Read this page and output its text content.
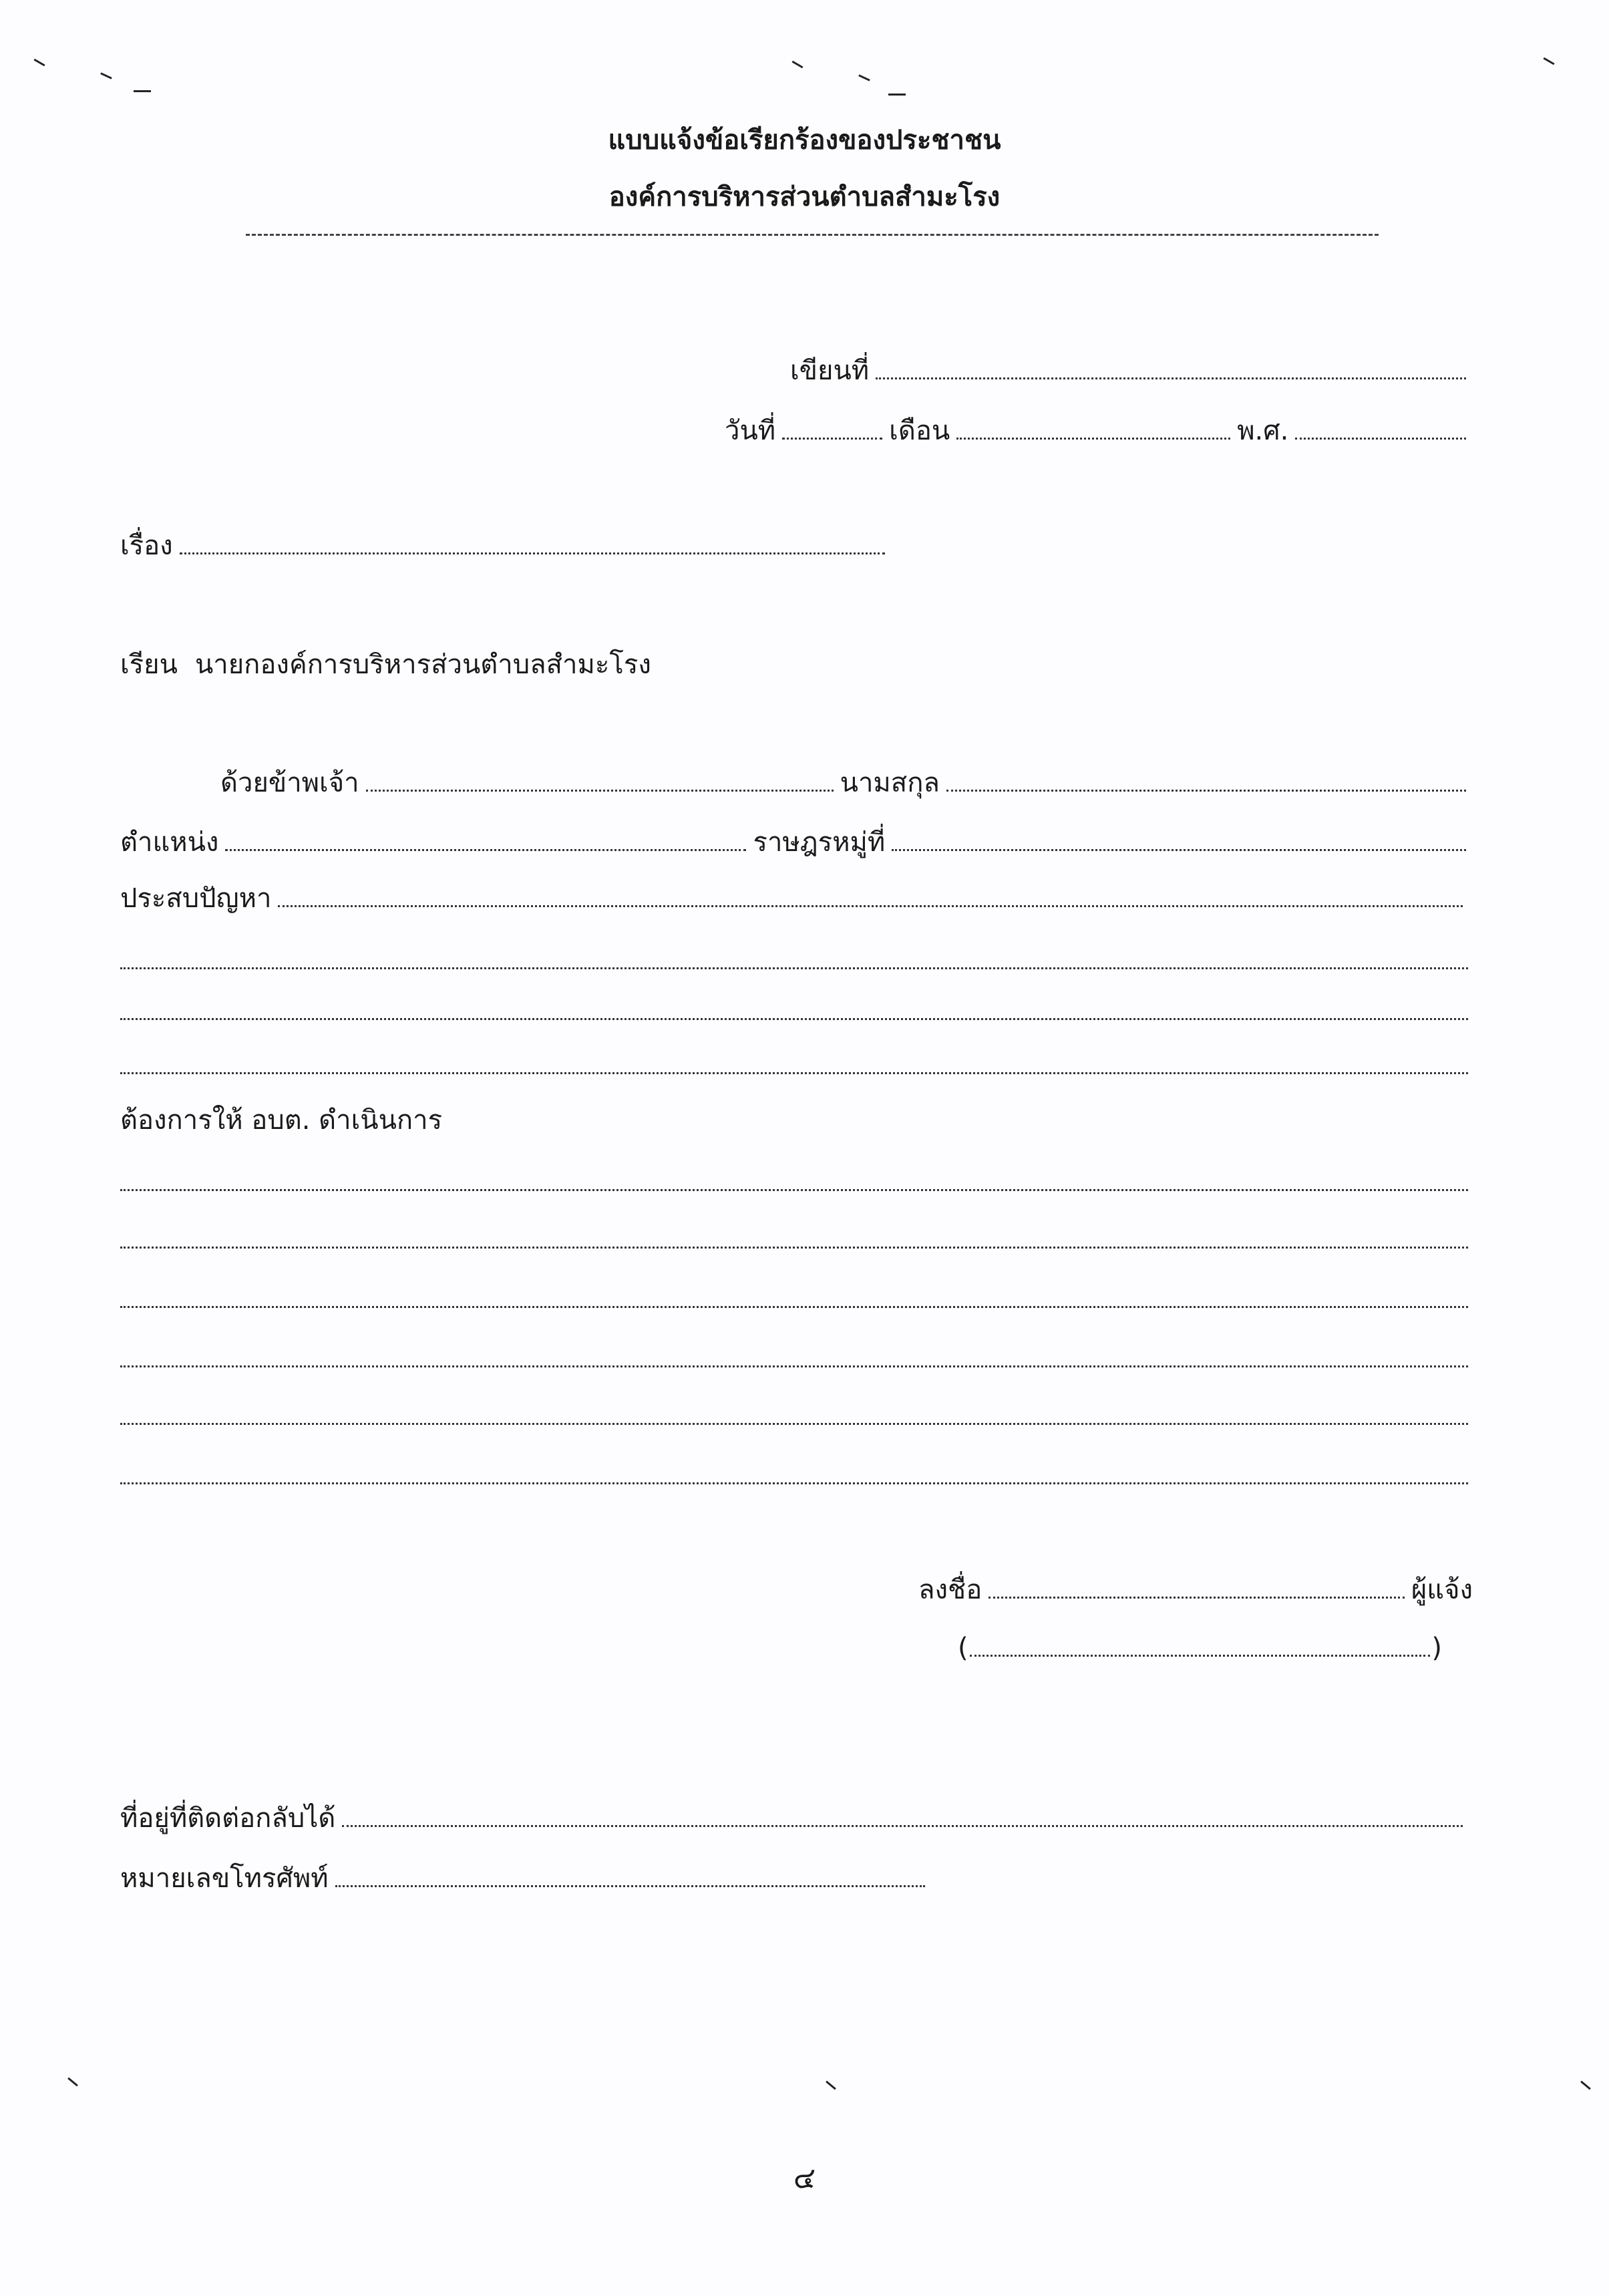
แบบแจ้งข้อเรียกร้องของประชาชน
องค์การบริหารส่วนตำบลสำมะโรง
เขียนที่
วันที่	เดือน	พ.ศ.
เรื่อง
เรียน นายกองค์การบริหารส่วนตำบลสำมะโรง
ด้วยข้าพเจ้า	นามสกุล
ตำแหน่ง	ราษฎรหมู่ที่
ประสบปัญหา
ต้องการให้ อบต. ดำเนินการ
ลงชื่อ	ผู้แจ้ง
(	)
ที่อยู่ที่ติดต่อกลับได้
หมายเลขโทรศัพท์
๔
